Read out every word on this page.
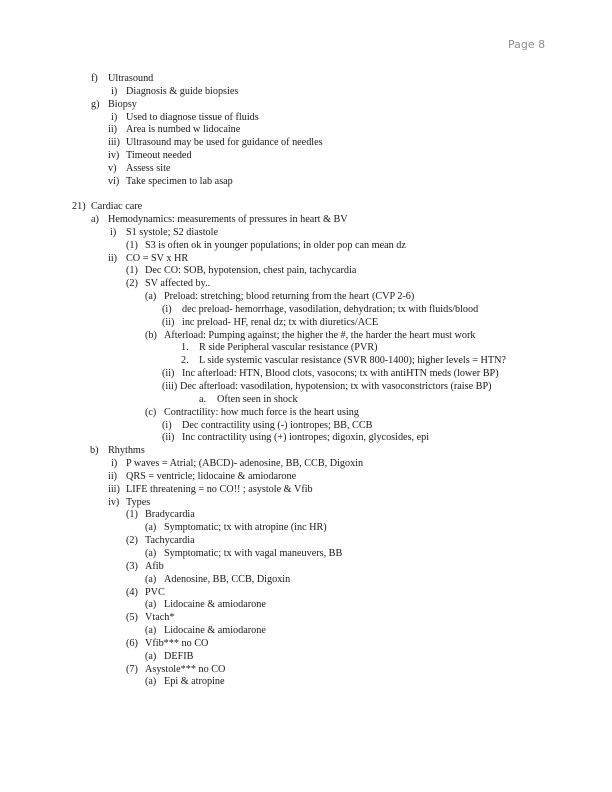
Page 8
f) Ultrasound
i) Diagnosis & guide biopsies
g) Biopsy
i) Used to diagnose tissue of fluids
ii) Area is numbed w lidocaine
iii) Ultrasound may be used for guidance of needles
iv) Timeout needed
v) Assess site
vi) Take specimen to lab asap
21) Cardiac care
a) Hemodynamics: measurements of pressures in heart & BV
i) S1 systole; S2 diastole
(1) S3 is often ok in younger populations; in older pop can mean dz
ii) CO = SV x HR
(1) Dec CO: SOB, hypotension, chest pain, tachycardia
(2) SV affected by..
(a) Preload: stretching; blood returning from the heart (CVP 2-6)
(i) dec preload- hemorrhage, vasodilation, dehydration; tx with fluids/blood
(ii) inc preload- HF, renal dz; tx with diuretics/ACE
(b) Afterload: Pumping against; the higher the #, the harder the heart must work
1. R side Peripheral vascular resistance (PVR)
2. L side systemic vascular resistance (SVR 800-1400); higher levels = HTN?
(ii) Inc afterload: HTN, Blood clots, vasocons; tx with antiHTN meds (lower BP)
(iii) Dec afterload: vasodilation, hypotension; tx with vasoconstrictors (raise BP)
a. Often seen in shock
(c) Contractility: how much force is the heart using
(i) Dec contractility using (-) iontropes; BB, CCB
(ii) Inc contractility using (+) iontropes; digoxin, glycosides, epi
b) Rhythms
i) P waves = Atrial; (ABCD)- adenosine, BB, CCB, Digoxin
ii) QRS = ventricle; lidocaine & amiodarone
iii) LIFE threatening = no CO!! ; asystole & Vfib
iv) Types
(1) Bradycardia
(a) Symptomatic; tx with atropine (inc HR)
(2) Tachycardia
(a) Symptomatic; tx with vagal maneuvers, BB
(3) Afib
(a) Adenosine, BB, CCB, Digoxin
(4) PVC
(a) Lidocaine & amiodarone
(5) Vtach*
(a) Lidocaine & amiodarone
(6) Vfib*** no CO
(a) DEFIB
(7) Asystole*** no CO
(a) Epi & atropine
